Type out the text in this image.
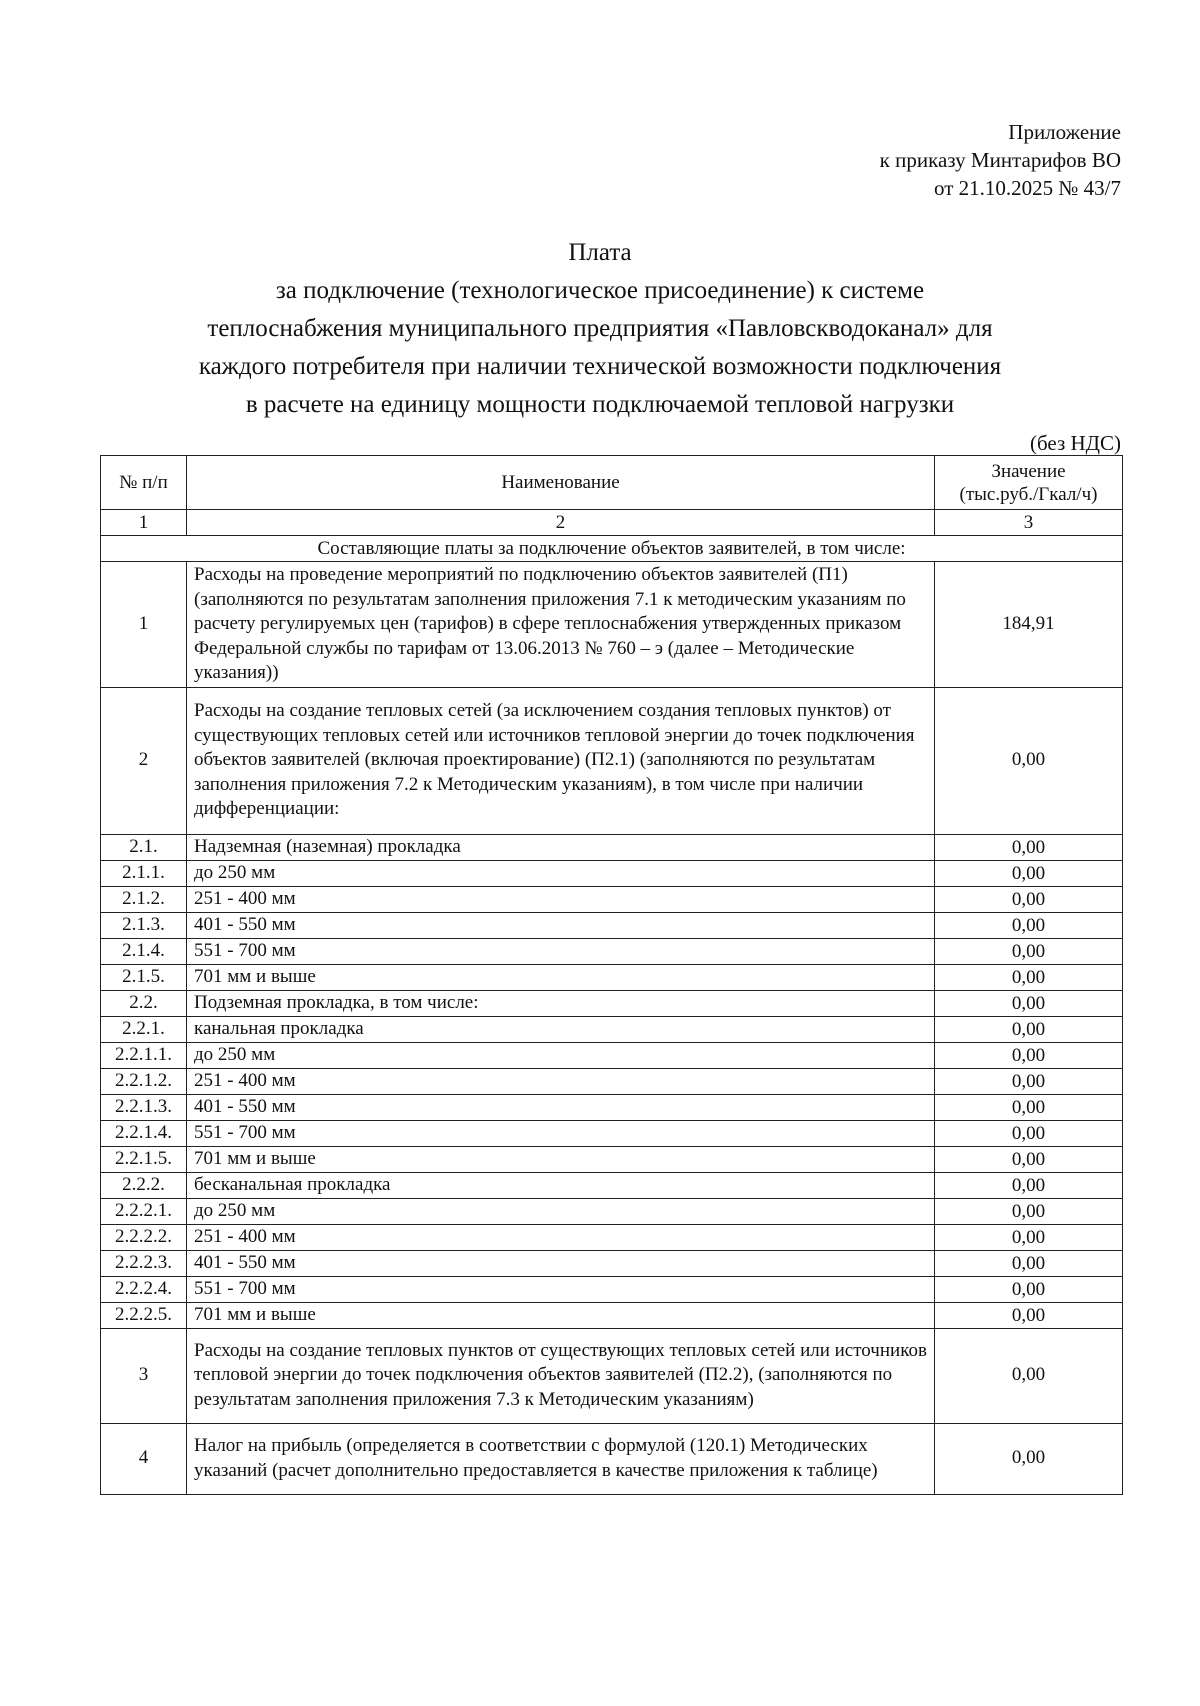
Приложение
к приказу Минтарифов ВО
от 21.10.2025 № 43/7
Плата
за подключение (технологическое присоединение) к системе
теплоснабжения муниципального предприятия «Павловскводоканал» для
каждого потребителя при наличии технической возможности подключения
в расчете на единицу мощности подключаемой тепловой нагрузки
(без НДС)
№ п/п	Наименование	Значение
(тыс.руб./Гкал/ч)

1	2	3
Составляющие платы за подключение объектов заявителей, в том числе:		
1	Расходы на проведение мероприятий по подключению объектов заявителей (П1) (заполняются по результатам заполнения приложения 7.1 к методическим указаниям по расчету регулируемых цен (тарифов) в сфере теплоснабжения утвержденных приказом Федеральной службы по тарифам от 13.06.2013 № 760 – э (далее – Методические указания))	184,91
2	Расходы на создание тепловых сетей (за исключением создания тепловых пунктов) от существующих тепловых сетей или источников тепловой энергии до точек подключения объектов заявителей (включая проектирование) (П2.1) (заполняются по результатам заполнения приложения 7.2 к Методическим указаниям), в том числе при наличии дифференциации:	0,00
2.1.	Надземная (наземная) прокладка	0,00
2.1.1.	до 250 мм	0,00
2.1.2.	251 - 400 мм	0,00
2.1.3.	401 - 550 мм	0,00
2.1.4.	551 - 700 мм	0,00
2.1.5.	701 мм и выше	0,00
2.2.	Подземная прокладка, в том числе:	0,00
2.2.1.	канальная прокладка	0,00
2.2.1.1.	до 250 мм	0,00
2.2.1.2.	251 - 400 мм	0,00
2.2.1.3.	401 - 550 мм	0,00
2.2.1.4.	551 - 700 мм	0,00
2.2.1.5.	701 мм и выше	0,00
2.2.2.	бесканальная прокладка	0,00
2.2.2.1.	до 250 мм	0,00
2.2.2.2.	251 - 400 мм	0,00
2.2.2.3.	401 - 550 мм	0,00
2.2.2.4.	551 - 700 мм	0,00
2.2.2.5.	701 мм и выше	0,00
3	Расходы на создание тепловых пунктов от существующих тепловых сетей или источников тепловой энергии до точек подключения объектов заявителей (П2.2), (заполняются по результатам заполнения приложения 7.3 к Методическим указаниям)	0,00
4	Налог на прибыль (определяется в соответствии с формулой (120.1) Методических указаний (расчет дополнительно предоставляется в качестве приложения к таблице)	0,00
